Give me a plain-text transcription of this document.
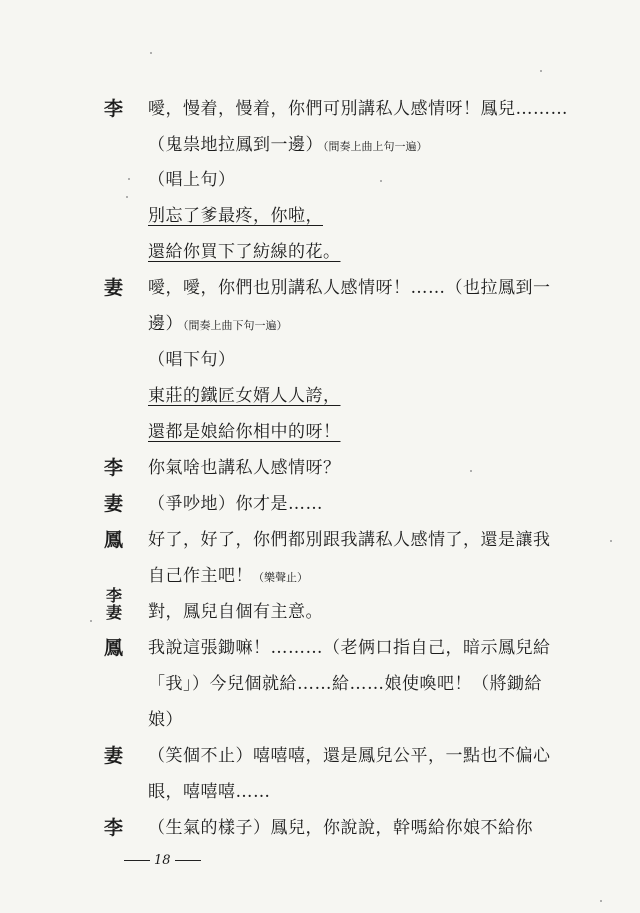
李 噯，慢着，慢着，你們可別講私人感情呀！鳳兒………
（鬼祟地拉鳳到一邊）（間奏上曲上句一遍）
（唱上句）
別忘了爹最疼，你啦，
還給你買下了紡線的花。
妻 噯，噯，你們也別講私人感情呀！……（也拉鳳到一
邊）（間奏上曲下句一遍）
（唱下句）
東莊的鐵匠女婿人人誇，
還都是娘給你相中的呀！
李 你氣啥也講私人感情呀？
妻 （爭吵地）你才是……
鳳 好了，好了，你們都別跟我講私人感情了，還是讓我
自己作主吧！（樂聲止）
李
妻 對，鳳兒自個有主意。
鳳 我說這張鋤嘛！………（老俩口指自己，暗示鳳兒給
「我」）今兒個就給……給……娘使喚吧！（將鋤給
娘）
妻 （笑個不止）嘻嘻嘻，還是鳳兒公平，一點也不偏心
眼，嘻嘻嘻……
李 （生氣的樣子）鳳兒，你說說，幹嗎給你娘不給你
18
